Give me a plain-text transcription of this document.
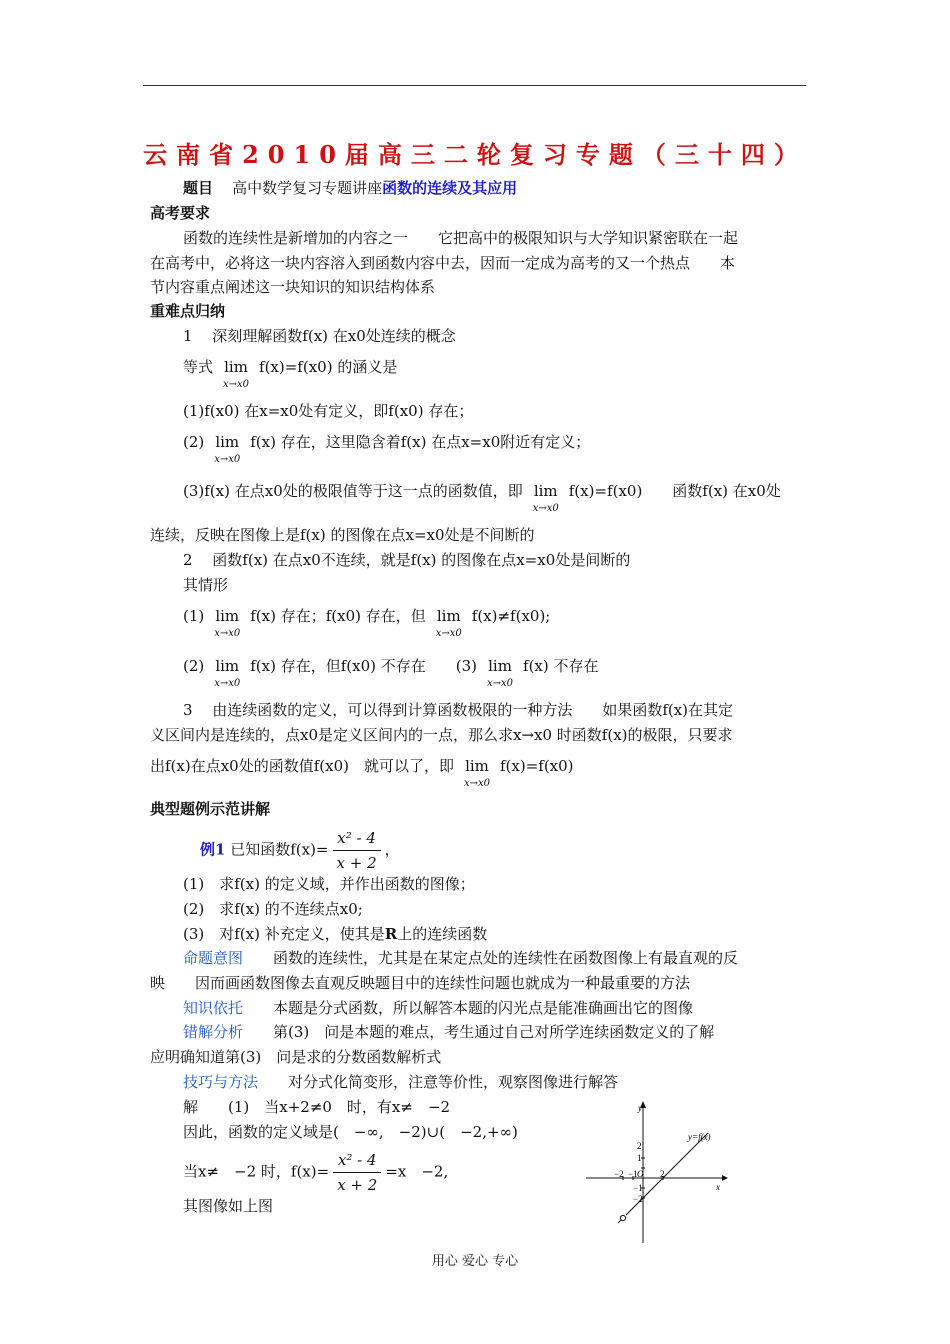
云南省2010届高三二轮复习专题（三十四）
题目 高中数学复习专题讲座函数的连续及其应用
高考要求
函数的连续性是新增加的内容之一　　它把高中的极限知识与大学知识紧密联在一起
在高考中，必将这一块内容溶入到函数内容中去，因而一定成为高考的又一个热点　　本
节内容重点阐述这一块知识的知识结构体系
重难点归纳
1　 深刻理解函数f(x) 在x0处连续的概念
等式 lim
x→x0
f(x)=f(x0) 的涵义是
(1)f(x0) 在x=x0处有定义，即f(x0) 存在；
(2) lim
x→x0
f(x) 存在，这里隐含着f(x) 在点x=x0附近有定义；
(3)f(x) 在点x0处的极限值等于这一点的函数值，即 lim
x→x0
f(x)=f(x0)　　函数f(x) 在x0处
连续，反映在图像上是f(x) 的图像在点x=x0处是不间断的
2　 函数f(x) 在点x0不连续，就是f(x) 的图像在点x=x0处是间断的
其情形
(1) lim
x→x0
f(x) 存在；f(x0) 存在，但 lim
x→x0
f(x)≠f(x0);
(2) lim
x→x0
f(x) 存在，但f(x0) 不存在　　(3) lim
x→x0
f(x) 不存在
3　 由连续函数的定义，可以得到计算函数极限的一种方法　　如果函数f(x)在其定
义区间内是连续的，点x0是定义区间内的一点，那么求x→x0 时函数f(x)的极限，只要求
出f(x)在点x0处的函数值f(x0)　就可以了，即 lim
x→x0
f(x)=f(x0)
典型题例示范讲解
例1 已知函数$f(x)= \frac{\text{x² - 4}}{x + 2}$ ，
(1)　求f(x) 的定义域，并作出函数的图像；
(2)　求f(x) 的不连续点x0;
(3)　对f(x) 补充定义，使其是R上的连续函数
命题意图　　函数的连续性，尤其是在某定点处的连续性在函数图像上有最直观的反
映　　因而画函数图像去直观反映题目中的连续性问题也就成为一种最重要的方法
知识依托　　本题是分式函数，所以解答本题的闪光点是能准确画出它的图像
错解分析　　第(3)　问是本题的难点，考生通过自己对所学连续函数定义的了解
应明确知道第(3)　问是求的分数函数解析式
技巧与方法　　对分式化简变形，注意等价性，观察图像进行解答
解　　(1)　当x+2≠0　时，有x≠　−2
因此，函数的定义域是(　−∞,　−2)∪(　−2,+∞)
当x≠　−2 时，$f(x)= \frac{\text{x² - 4}}{x + 2} =x$　−2,
其图像如上图
y
x
y=f(x)
−2 −1 O 2
2
1
−1
−2
用心 爱心 专心
